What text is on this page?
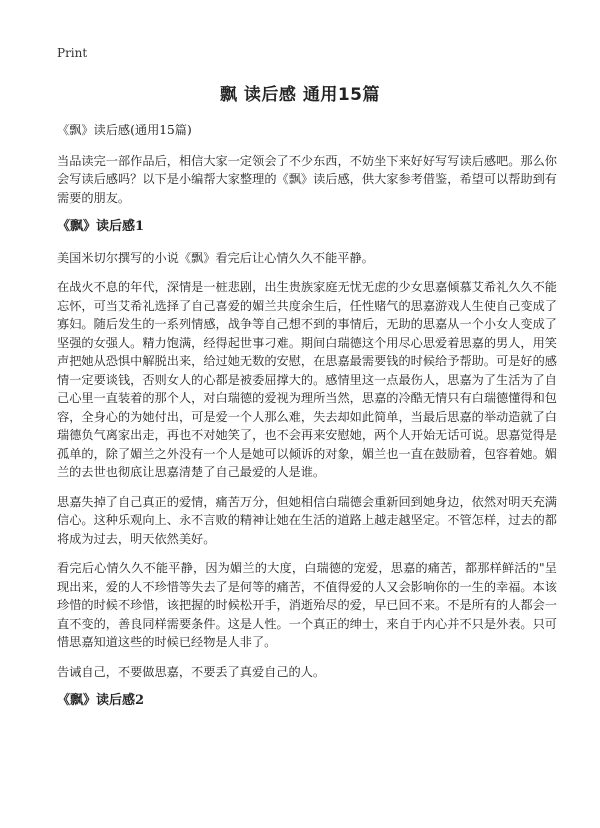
Print
飘 读后感 通用15篇

《飘》读后感(通用15篇)

当品读完一部作品后，相信大家一定领会了不少东西，不妨坐下来好好写写读后感吧。那么你会写读后感吗？以下是小编帮大家整理的《飘》读后感，供大家参考借鉴，希望可以帮助到有需要的朋友。

《飘》读后感1

美国米切尔撰写的小说《飘》看完后让心情久久不能平静。

在战火不息的年代，深情是一桩悲剧，出生贵族家庭无忧无虑的少女思嘉倾慕艾希礼久久不能忘怀，可当艾希礼选择了自己喜爱的媚兰共度余生后，任性赌气的思嘉游戏人生使自己变成了寡妇。随后发生的一系列情感，战争等自己想不到的事情后，无助的思嘉从一个小女人变成了坚强的女强人。精力饱满，经得起世事刁难。期间白瑞德这个用尽心思爱着思嘉的男人，用笑声把她从恐惧中解脱出来，给过她无数的安慰，在思嘉最需要钱的时候给予帮助。可是好的感情一定要谈钱，否则女人的心都是被委屈撑大的。感情里这一点最伤人，思嘉为了生活为了自己心里一直装着的那个人，对白瑞德的爱视为理所当然，思嘉的冷酷无情只有白瑞德懂得和包容，全身心的为她付出，可是爱一个人那么难，失去却如此简单，当最后思嘉的举动造就了白瑞德负气离家出走，再也不对她笑了，也不会再来安慰她，两个人开始无话可说。思嘉觉得是孤单的，除了媚兰之外没有一个人是她可以倾诉的对象，媚兰也一直在鼓励着，包容着她。媚兰的去世也彻底让思嘉清楚了自己最爱的人是谁。

思嘉失掉了自己真正的爱情，痛苦万分，但她相信白瑞德会重新回到她身边，依然对明天充满信心。这种乐观向上、永不言败的精神让她在生活的道路上越走越坚定。不管怎样，过去的都将成为过去，明天依然美好。

看完后心情久久不能平静，因为媚兰的大度，白瑞德的宠爱，思嘉的痛苦，都那样鲜活的"呈现出来，爱的人不珍惜等失去了是何等的痛苦，不值得爱的人又会影响你的一生的幸福。本该珍惜的时候不珍惜，该把握的时候松开手，消逝殆尽的爱，早已回不来。不是所有的人都会一直不变的，善良同样需要条件。这是人性。一个真正的绅士，来自于内心并不只是外表。只可惜思嘉知道这些的时候已经物是人非了。

告诫自己，不要做思嘉，不要丢了真爱自己的人。

《飘》读后感2
